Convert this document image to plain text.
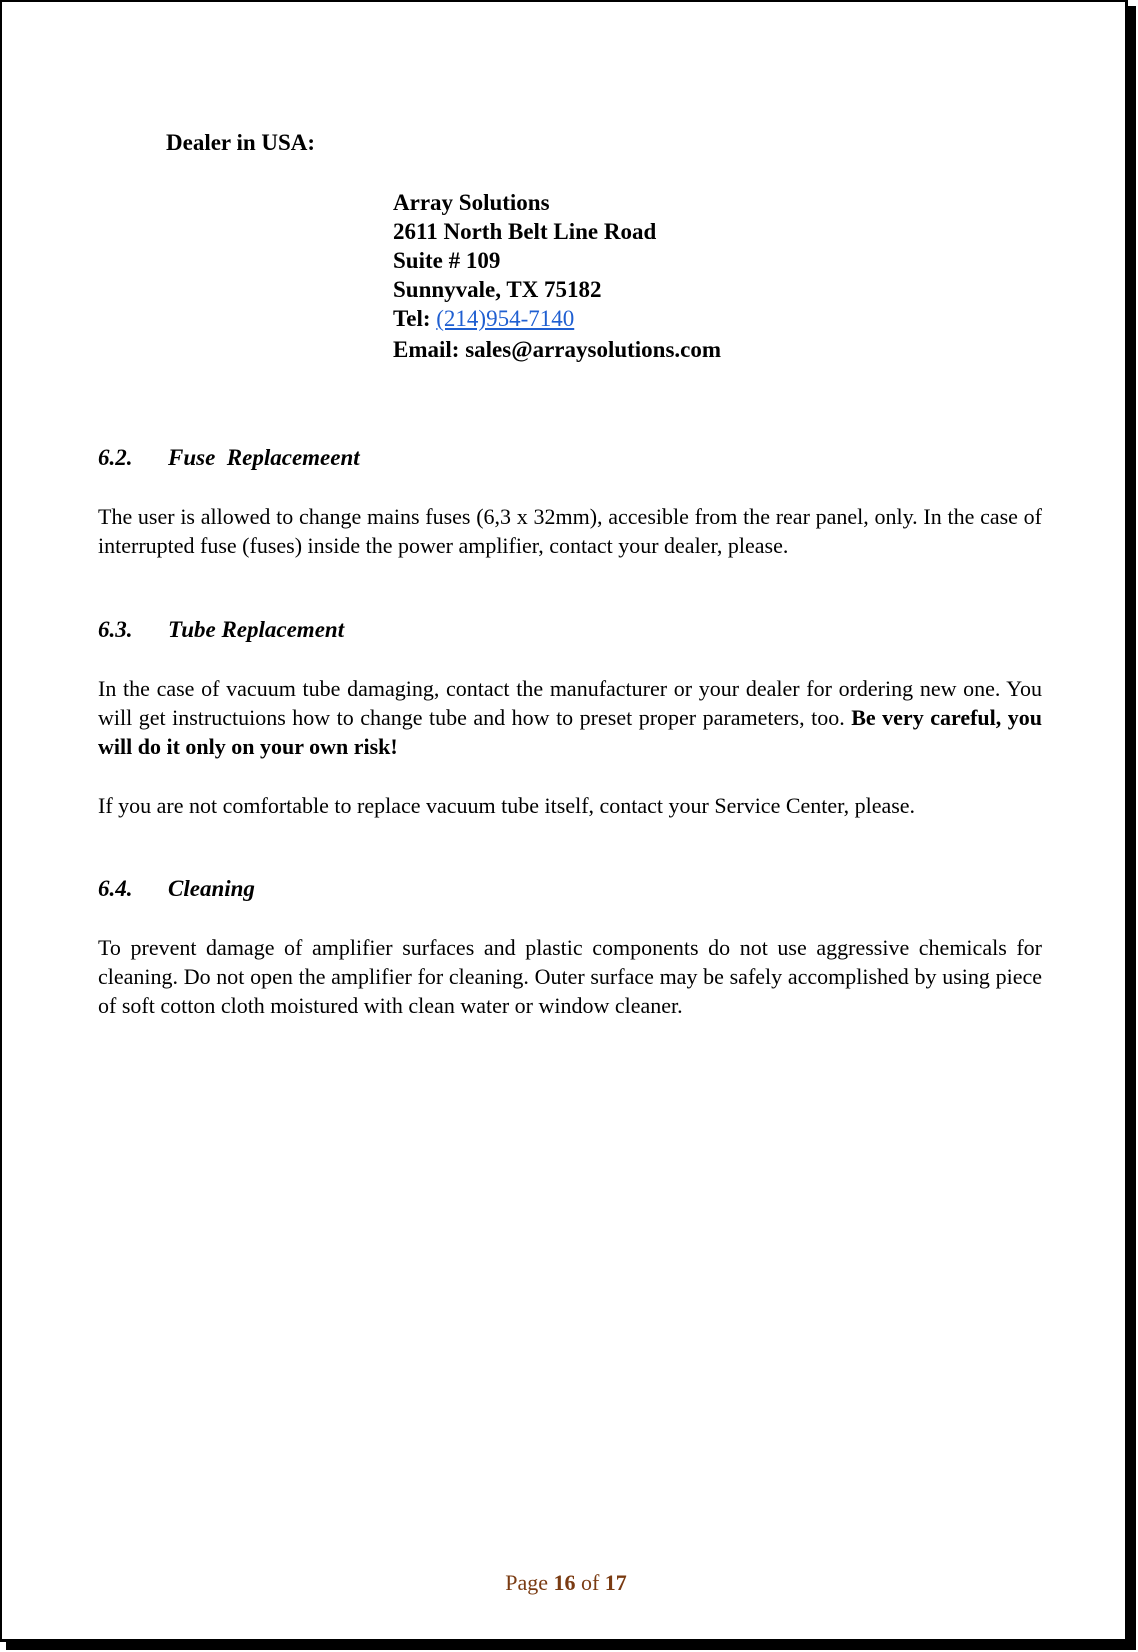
Dealer in USA:
Array Solutions
2611 North Belt Line Road
Suite # 109
Sunnyvale, TX 75182
Tel: (214)954-7140
Email: sales@arraysolutions.com
6.2. Fuse  Replacemeent
The user is allowed to change mains fuses (6,3 x 32mm), accesible from the rear panel, only. In the case of interrupted fuse (fuses) inside the power amplifier, contact your dealer, please.
6.3. Tube Replacement
In the case of vacuum tube damaging, contact the manufacturer or your dealer for ordering new one. You will get instructuions how to change tube and how to preset proper parameters, too. Be very careful, you will do it only on your own risk!
If you are not comfortable to replace vacuum tube itself, contact your Service Center, please.
6.4. Cleaning
To prevent damage of amplifier surfaces and plastic components do not use aggressive chemicals for cleaning. Do not open the amplifier for cleaning. Outer surface may be safely accomplished by using piece of soft cotton cloth moistured with clean water or window cleaner.
Page 16 of 17
